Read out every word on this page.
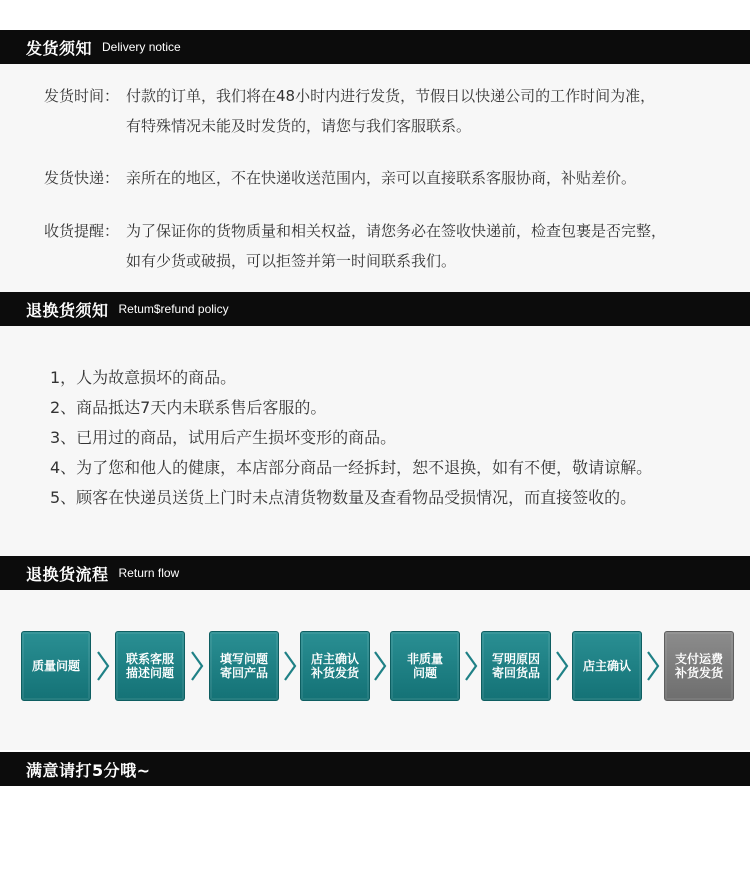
发货须知 Delivery notice
发货时间： 付款的订单，我们将在48小时内进行发货，节假日以快递公司的工作时间为准，
有特殊情况未能及时发货的，请您与我们客服联系。
发货快递： 亲所在的地区，不在快递收送范围内，亲可以直接联系客服协商，补贴差价。
收货提醒： 为了保证你的货物质量和相关权益，请您务必在签收快递前，检查包裹是否完整，
如有少货或破损，可以拒签并第一时间联系我们。
退换货须知 Retum$refund policy
1，人为故意损坏的商品。
2、商品抵达7天内未联系售后客服的。
3、已用过的商品，试用后产生损坏变形的商品。
4、为了您和他人的健康，本店部分商品一经拆封，恕不退换，如有不便，敬请谅解。
5、顾客在快递员送货上门时未点清货物数量及查看物品受损情况，而直接签收的。
退换货流程 Return flow
质量问题	联系客服
描述问题
填写问题
寄回产品
店主确认
补货发货
非质量
问题
写明原因
寄回货品	店主确认	支付运费
补货发货
满意请打5分哦~
